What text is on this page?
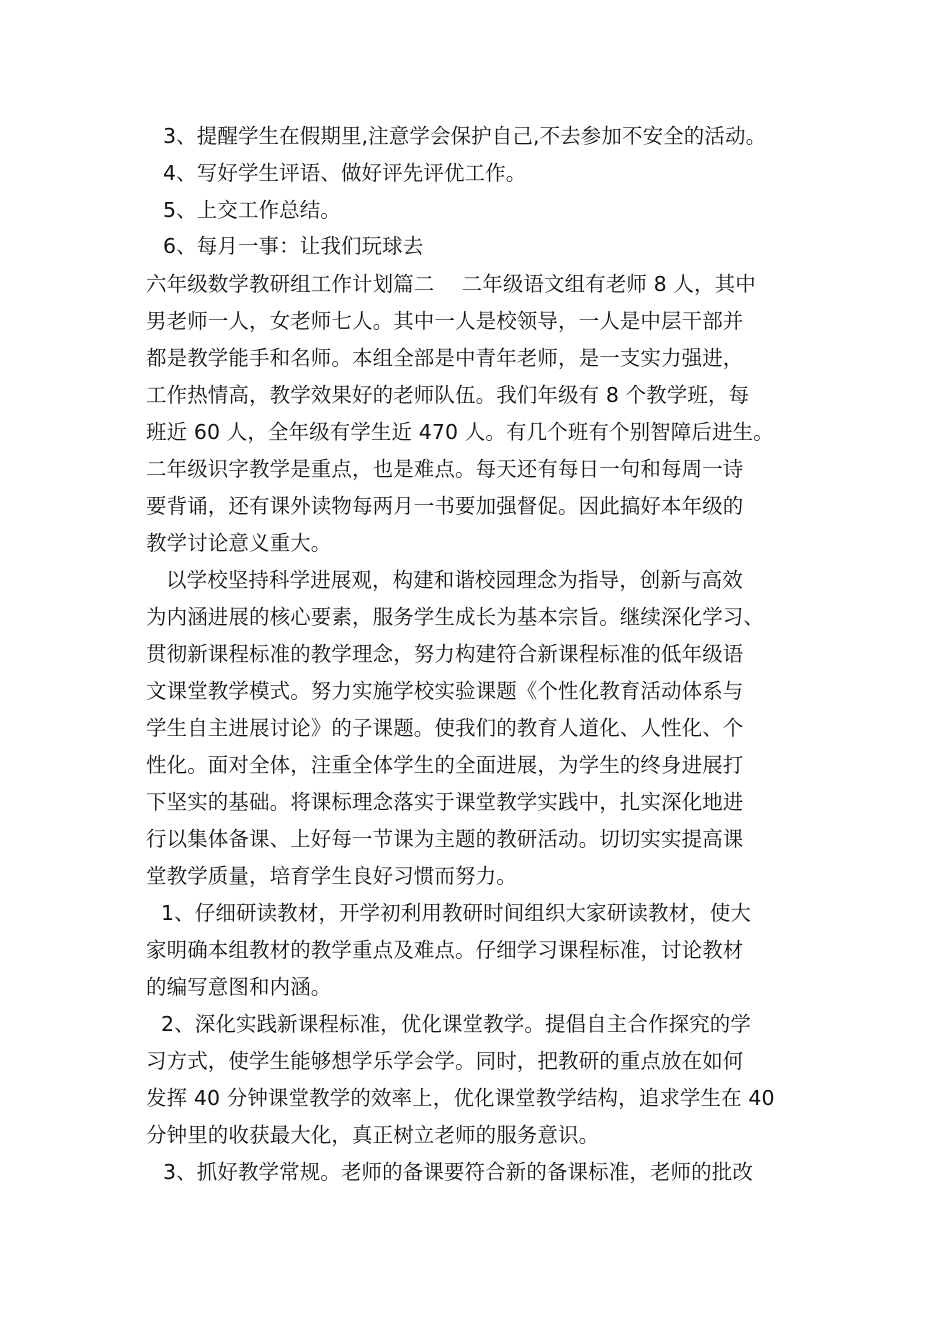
3、提醒学生在假期里,注意学会保护自己,不去参加不安全的活动。
4、写好学生评语、做好评先评优工作。
5、上交工作总结。
6、每月一事：让我们玩球去
六年级数学教研组工作计划篇二　 二年级语文组有老师 8 人，其中
男老师一人，女老师七人。其中一人是校领导，一人是中层干部并
都是教学能手和名师。本组全部是中青年老师，是一支实力强进，
工作热情高，教学效果好的老师队伍。我们年级有 8 个教学班，每
班近 60 人，全年级有学生近 470 人。有几个班有个别智障后进生。
二年级识字教学是重点，也是难点。每天还有每日一句和每周一诗
要背诵，还有课外读物每两月一书要加强督促。因此搞好本年级的
教学讨论意义重大。
以学校坚持科学进展观，构建和谐校园理念为指导，创新与高效
为内涵进展的核心要素，服务学生成长为基本宗旨。继续深化学习、
贯彻新课程标准的教学理念，努力构建符合新课程标准的低年级语
文课堂教学模式。努力实施学校实验课题《个性化教育活动体系与
学生自主进展讨论》的子课题。使我们的教育人道化、人性化、个
性化。面对全体，注重全体学生的全面进展，为学生的终身进展打
下坚实的基础。将课标理念落实于课堂教学实践中，扎实深化地进
行以集体备课、上好每一节课为主题的教研活动。切切实实提高课
堂教学质量，培育学生良好习惯而努力。
1、仔细研读教材，开学初利用教研时间组织大家研读教材，使大
家明确本组教材的教学重点及难点。仔细学习课程标准，讨论教材
的编写意图和内涵。
2、深化实践新课程标准，优化课堂教学。提倡自主合作探究的学
习方式，使学生能够想学乐学会学。同时，把教研的重点放在如何
发挥 40 分钟课堂教学的效率上，优化课堂教学结构，追求学生在 40
分钟里的收获最大化，真正树立老师的服务意识。
3、抓好教学常规。老师的备课要符合新的备课标准，老师的批改
